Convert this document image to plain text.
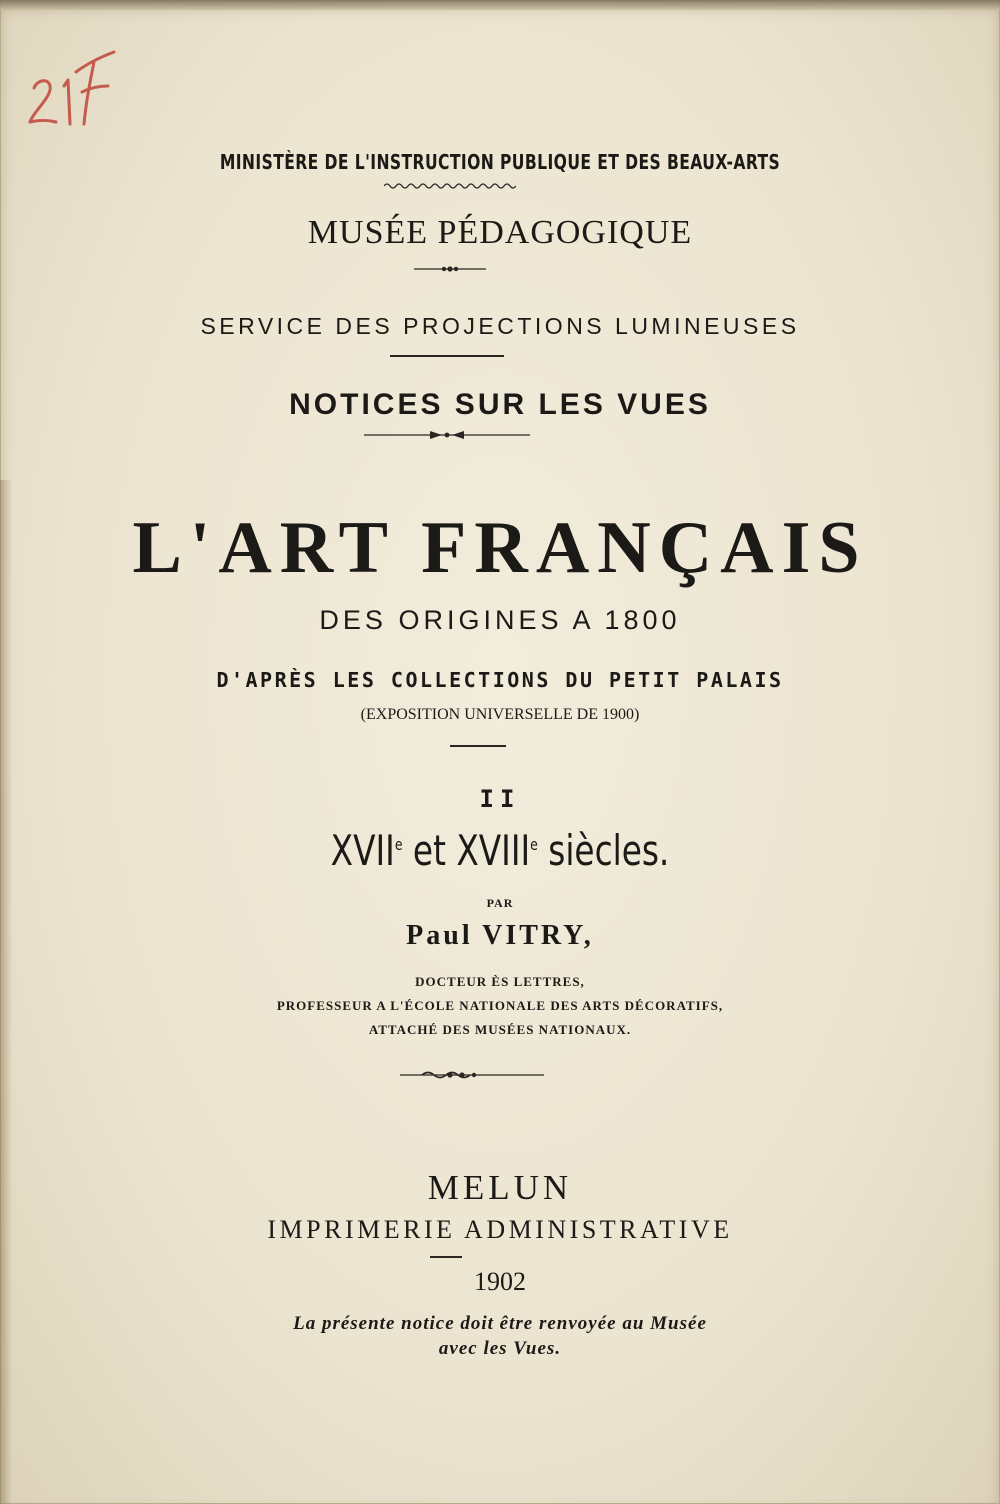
MINISTÈRE DE L'INSTRUCTION PUBLIQUE ET DES BEAUX-ARTS
MUSÉE PÉDAGOGIQUE
SERVICE DES PROJECTIONS LUMINEUSES
NOTICES SUR LES VUES
L'ART FRANÇAIS
DES ORIGINES A 1800
D'APRÈS LES COLLECTIONS DU PETIT PALAIS
(EXPOSITION UNIVERSELLE DE 1900)
II
XVIIe et XVIIIe siècles.
PAR
Paul VITRY,
DOCTEUR ÈS LETTRES,
PROFESSEUR A L'ÉCOLE NATIONALE DES ARTS DÉCORATIFS,
ATTACHÉ DES MUSÉES NATIONAUX.
MELUN
IMPRIMERIE ADMINISTRATIVE
1902
La présente notice doit être renvoyée au Musée
avec les Vues.
